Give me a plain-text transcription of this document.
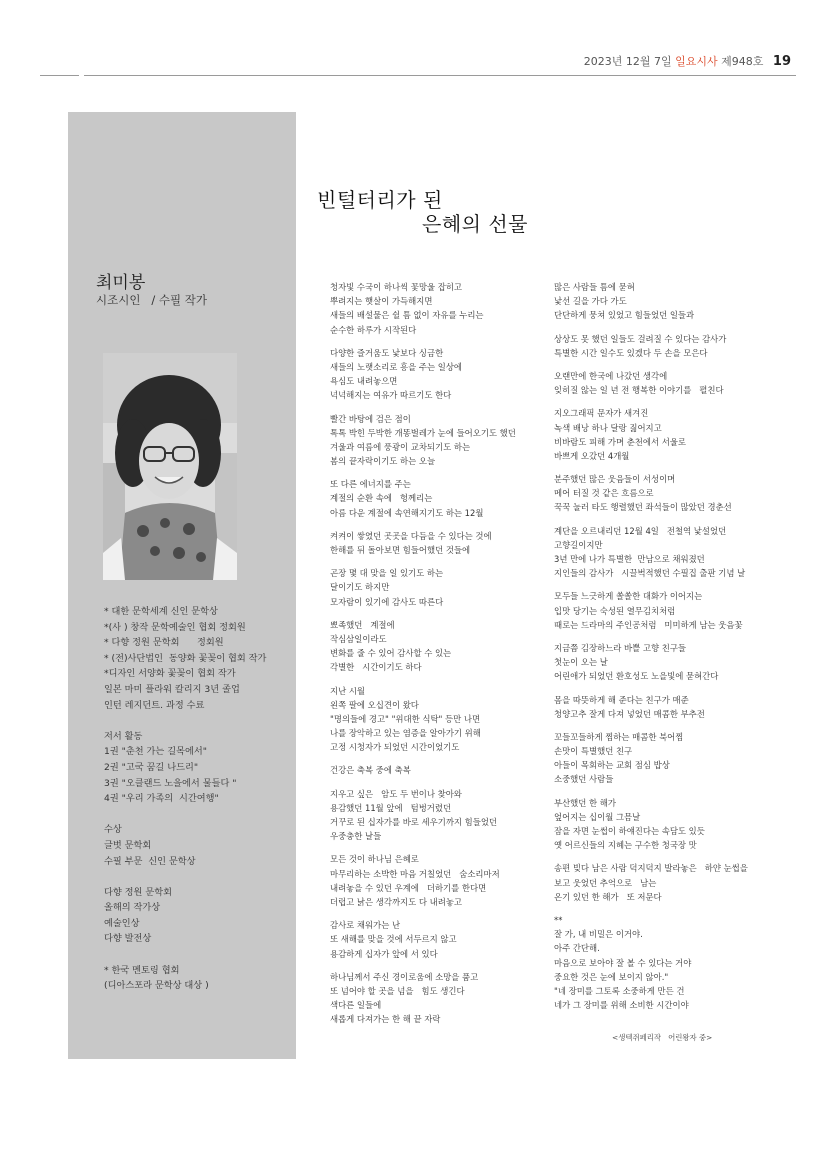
2023년 12월 7일 일요시사 제948호 19
최미봉
시조시인   / 수필 작가
* 대한 문학세계 신인 문학상
*(사 ) 창작 문학예술인 협회 정회원
* 다향 정원 문학회      정회원
* (전)사단법인  동양화 꽃꽂이 협회 작가
*디자인 서양화 꽃꽂이 협회 작가
일본 마미 플라워 칼리지 3년 졸업
인턴 레지던트. 과정 수료
저서 활동
1권 "춘천 가는 길목에서"
2권 "고국 꿈길 나드리"
3권 "오클랜드 노을에서 물들다 "
4권 "우리 가족의  시간여행"
수상
글벗 문학회
수필 부문  신인 문학상
다향 정원 문학회
올해의 작가상
예술인상
다향 발전상
* 한국 멘토링 협회
(디아스포라 문학상 대상 )
빈털터리가 된
은혜의 선물
청자빛 수국이 하나씩 꽃망울 잡히고
뿌려지는 햇살이 가득해지면
새들의 배설물은 쉴 틈 없이 자유를 누리는
순수한 하루가 시작된다
다양한 즐거움도 낯보다 싱금한
새들의 노랫소리로 흥을 주는 일상에
욕심도 내려놓으면
넉넉해지는 여유가 따르기도 한다
빨간 바탕에 검은 점이
톡톡 박힌 두박한 개똥벌레가 눈에 들어오기도 했던
겨울과 여름에 풍광이 교차되기도 하는
봄의 끝자락이기도 하는 오늘
또 다른 에너지를 주는
계절의 순환 속에   헝께리는
아름 다운 계절에 속연해지기도 하는 12월
켜켜이 쌓였던 곳곳을 다듬을 수 있다는 것에
한해를 뒤 돌아보면 힘들어했던 것들에
곤장 몇 대 맞을 일 있기도 하는
달이기도 하지만
모자람이 있기에 감사도 따른다
뾰족했던   계절에
작심삼일이라도
변화를 줄 수 있어 감사할 수 있는
각별한   시간이기도 하다
지난 시월
왼쪽 팔에 오십견이 왔다
"명의들에 경고" "위대한 식탁" 등만 나면
나를 장악하고 있는 염증을 알아가기 위해
고정 시청자가 되었던 시간이었기도
건강은 축복 중에 축복
지우고 싶은   암도 두 번이나 찾아와
용감했던 11월 앞에   텀벙거렸던
거꾸로 된 십자가를 바로 세우기까지 힘들었던
우중충한 날들
모든 것이 하나님 은혜로
마무리하는 소박한 마음 거칠었던   숨소리마저
내려놓을 수 있던 우계에   더하기를 한다면
더럽고 낡은 생각까지도 다 내려놓고
감사로 채워가는 난
또 새해를 맞을 것에 서두르지 않고
용감하게 십자가 앞에 서 있다
하나님께서 주신 경이로움에 소망을 품고
또 넘어야 할 곳을 넘을   힘도 생긴다
색다른 일들에
새롭게 다져가는 한 해 끝 자락
많은 사람들 틈에 묻혀
낯선 길을 가다 가도
단단하게 뭉쳐 있었고 힘들었던 일들과
상상도 못 했던 일들도 걸려질 수 있다는 감사가
특별한 시간 일수도 있겠다 두 손을 모은다
오랜만에 한국에 나갔던 생각에
잊히질 않는 일 년 전 행복한 이야기를   펼친다
지오그래픽 문자가 새겨진
녹색 배낭 하나 달랑 짊어지고
비바람도 피해 가며 춘천에서 서울로
바쁘게 오갔던 4개월
분주했던 많은 웃음들이 서성이며
메어 터질 것 같은 흐름으로
꾹꾹 눌러 타도 행렬했던 좌석들이 많았던 경춘선
계단을 오르내리던 12월 4일   전철역 낯설었던
고향길이지만
3년 만에 나가 특별한  만남으로 채워졌던
지인들의 감사가   시끌벅적했던 수필집 출판 기념 날
모두들 느긋하게 쏠쏠한 대화가 이어지는
입맛 당기는 숙성된 열무김치처럼
때로는 드라마의 주인공처럼   미미하게 남는 웃음꽃
지금쯤 김장하느라 바쁠 고향 친구들
첫눈이 오는 날
어린애가 되었던 환호성도 노을빛에 묻혀간다
몸을 따뜻하게 해 준다는 친구가 매준
청양고추 잘게 다져 넣었던 매콤한 부추전
꼬들꼬들하게 찜하는 매콤한 북어찜
손맛이 특별했던 친구
아들이 목회하는 교회 점심 밥상
소중했던 사람들
부산했던 한 해가
엎어지는 십이월 그믐날
잠을 자면 눈썹이 하얘진다는 속담도 있듯
옛 어르신들의 지혜는 구수한 청국장 맛
송편 빚다 남은 사람 덕지덕지 발라놓은   하얀 눈썹을
보고 웃었던 추억으로   남는
온기 있던 한 해가   또 저문다
**
잘 가, 내 비밀은 이거야.
아주 간단해.
마음으로 보아야 잘 볼 수 있다는 거야
중요한 것은 눈에 보이지 않아."
"네 장미를 그토록 소중하게 만든 건
네가 그 장미를 위해 소비한 시간이야
<생텍쥐페리작   어린왕자 중>
